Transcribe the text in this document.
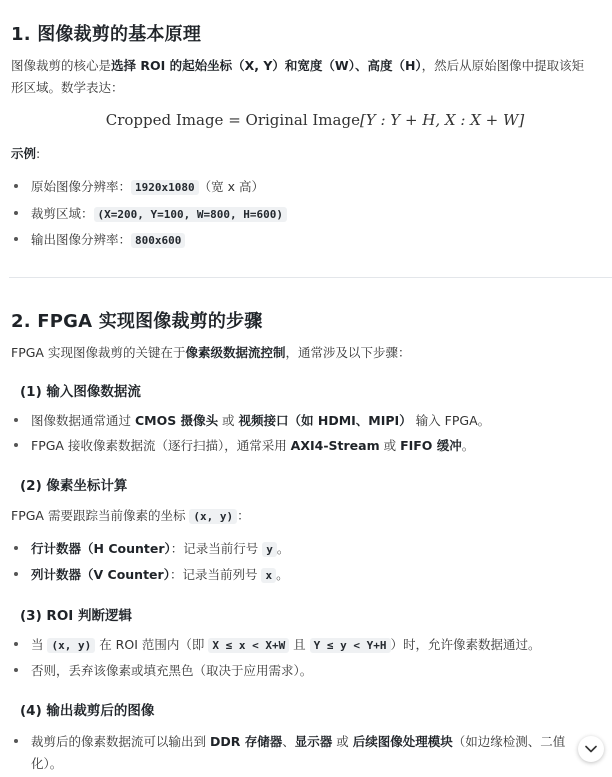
1. 图像裁剪的基本原理
图像裁剪的核心是选择 ROI 的起始坐标（X, Y）和宽度（W）、高度（H），然后从原始图像中提取该矩
形区域。数学表达：
Cropped Image = Original Image[Y : Y + H, X : X + W]
示例:
原始图像分辨率： 1920x1080 （宽 x 高）
裁剪区域： (X=200, Y=100, W=800, H=600)
输出图像分辨率： 800x600
2. FPGA 实现图像裁剪的步骤
FPGA 实现图像裁剪的关键在于像素级数据流控制，通常涉及以下步骤：
(1) 输入图像数据流
图像数据通常通过 CMOS 摄像头 或 视频接口（如 HDMI、MIPI） 输入 FPGA。
FPGA 接收像素数据流（逐行扫描），通常采用 AXI4-Stream 或 FIFO 缓冲。
(2) 像素坐标计算
FPGA 需要跟踪当前像素的坐标 (x, y) ：
行计数器（H Counter）：记录当前行号 y 。
列计数器（V Counter）：记录当前列号 x 。
(3) ROI 判断逻辑
当 (x, y) 在 ROI 范围内（即 X ≤ x < X+W 且 Y ≤ y < Y+H ）时，允许像素数据通过。
否则，丢弃该像素或填充黑色（取决于应用需求）。
(4) 输出裁剪后的图像
裁剪后的像素数据流可以输出到 DDR 存储器、显示器 或 后续图像处理模块（如边缘检测、二值
化）。
